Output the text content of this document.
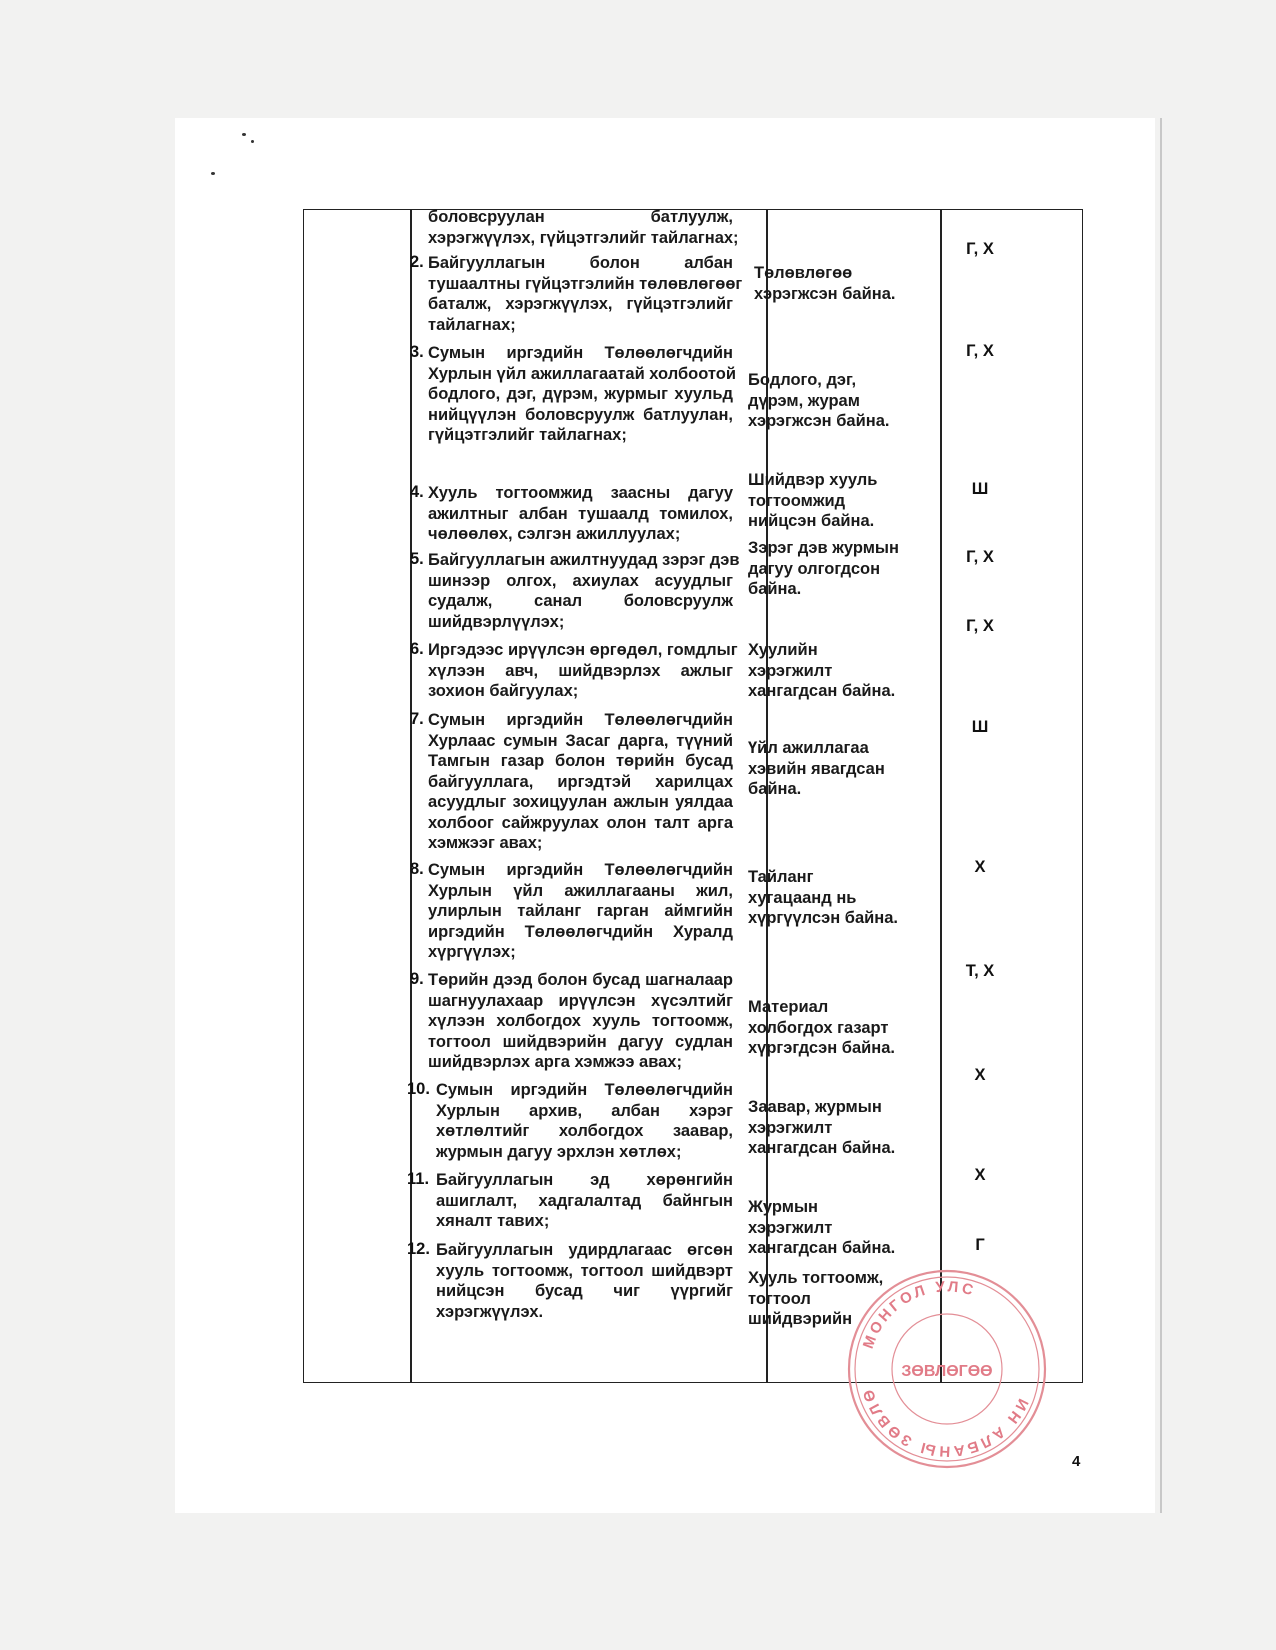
боловсруулан батлуулж,
хэрэгжүүлэх, гүйцэтгэлийг тайлагнах;
2. Байгууллагын болон албан
тушаалтны гүйцэтгэлийн төлөвлөгөөг
баталж, хэрэгжүүлэх, гүйцэтгэлийг
тайлагнах;
3. Сумын иргэдийн Төлөөлөгчдийн
Хурлын үйл ажиллагаатай холбоотой
бодлого, дэг, дүрэм, журмыг хуульд
нийцүүлэн боловсруулж батлуулан,
гүйцэтгэлийг тайлагнах;
4. Хууль тогтоомжид заасны дагуу
ажилтныг албан тушаалд томилох,
чөлөөлөх, сэлгэн ажиллуулах;
5. Байгууллагын ажилтнуудад зэрэг дэв
шинээр олгох, ахиулах асуудлыг
судалж, санал боловсруулж
шийдвэрлүүлэх;
6. Иргэдээс ирүүлсэн өргөдөл, гомдлыг
хүлээн авч, шийдвэрлэх ажлыг
зохион байгуулах;
7. Сумын иргэдийн Төлөөлөгчдийн
Хурлаас сумын Засаг дарга, түүний
Тамгын газар болон төрийн бусад
байгууллага, иргэдтэй харилцах
асуудлыг зохицуулан ажлын уялдаа
холбоог сайжруулах олон талт арга
хэмжээг авах;
8. Сумын иргэдийн Төлөөлөгчдийн
Хурлын үйл ажиллагааны жил,
улирлын тайланг гарган аймгийн
иргэдийн Төлөөлөгчдийн Хуралд
хүргүүлэх;
9. Төрийн дээд болон бусад шагналаар
шагнуулахаар ирүүлсэн хүсэлтийг
хүлээн холбогдох хууль тогтоомж,
тогтоол шийдвэрийн дагуу судлан
шийдвэрлэх арга хэмжээ авах;
10. Сумын иргэдийн Төлөөлөгчдийн
Хурлын архив, албан хэрэг
хөтлөлтийг холбогдох заавар,
журмын дагуу эрхлэн хөтлөх;
11. Байгууллагын эд хөрөнгийн
ашиглалт, хадгалалтад байнгын
хяналт тавих;
12. Байгууллагын удирдлагаас өгсөн
хууль тогтоомж, тогтоол шийдвэрт
нийцсэн бусад чиг үүргийг
хэрэгжүүлэх.
Төлөвлөгөө
хэрэгжсэн байна.
Бодлого, дэг,
дүрэм, журам
хэрэгжсэн байна.
Шийдвэр хууль
тогтоомжид
нийцсэн байна.
Зэрэг дэв журмын
дагуу олгогдсон
байна.
Хуулийн
хэрэгжилт
хангагдсан байна.
Үйл ажиллагаа
хэвийн явагдсан
байна.
Тайланг
хугацаанд нь
хүргүүлсэн байна.
Материал
холбогдох газарт
хүргэгдсэн байна.
Заавар, журмын
хэрэгжилт
хангагдсан байна.
Журмын
хэрэгжилт
хангагдсан байна.
Хууль тогтоомж,
тогтоол
шийдвэрийн
Г, Х
Г, Х
Ш
Г, Х
Г, Х
Ш
Х
Т, Х
Х
Х
Г
МОНГОЛ УЛС
ИН АЛБАНЫ ЗӨВЛӨ
ЗӨВЛӨГӨӨ
4
